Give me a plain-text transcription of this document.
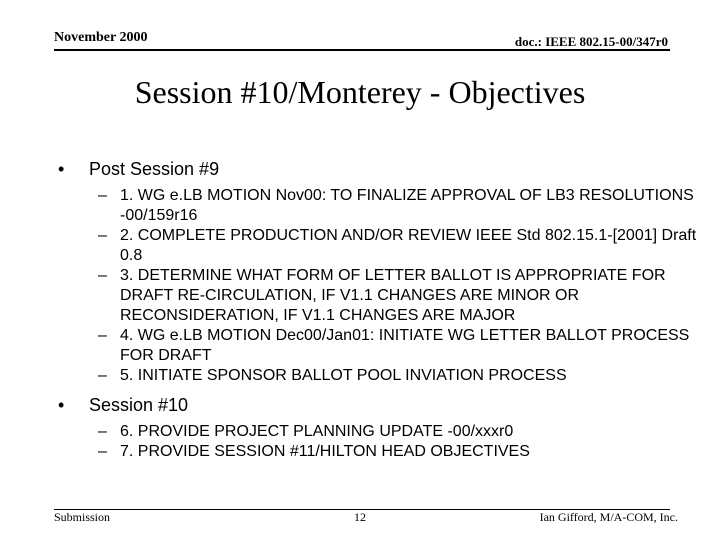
November 2000	doc.: IEEE 802.15-00/347r0
Session #10/Monterey - Objectives
• Post Session #9
– 1. WG e.LB MOTION Nov00: TO FINALIZE APPROVAL OF LB3 RESOLUTIONS -00/159r16
– 2. COMPLETE PRODUCTION AND/OR REVIEW IEEE Std 802.15.1-[2001] Draft 0.8
– 3. DETERMINE WHAT FORM OF LETTER BALLOT IS APPROPRIATE FOR DRAFT RE-CIRCULATION, IF V1.1 CHANGES ARE MINOR OR RECONSIDERATION, IF V1.1 CHANGES ARE MAJOR
– 4. WG e.LB MOTION Dec00/Jan01: INITIATE WG LETTER BALLOT PROCESS FOR DRAFT
– 5. INITIATE SPONSOR BALLOT POOL INVIATION PROCESS
• Session #10
– 6. PROVIDE PROJECT PLANNING UPDATE -00/xxxr0
– 7. PROVIDE SESSION #11/HILTON HEAD OBJECTIVES
Submission	12	Ian Gifford, M/A-COM, Inc.
